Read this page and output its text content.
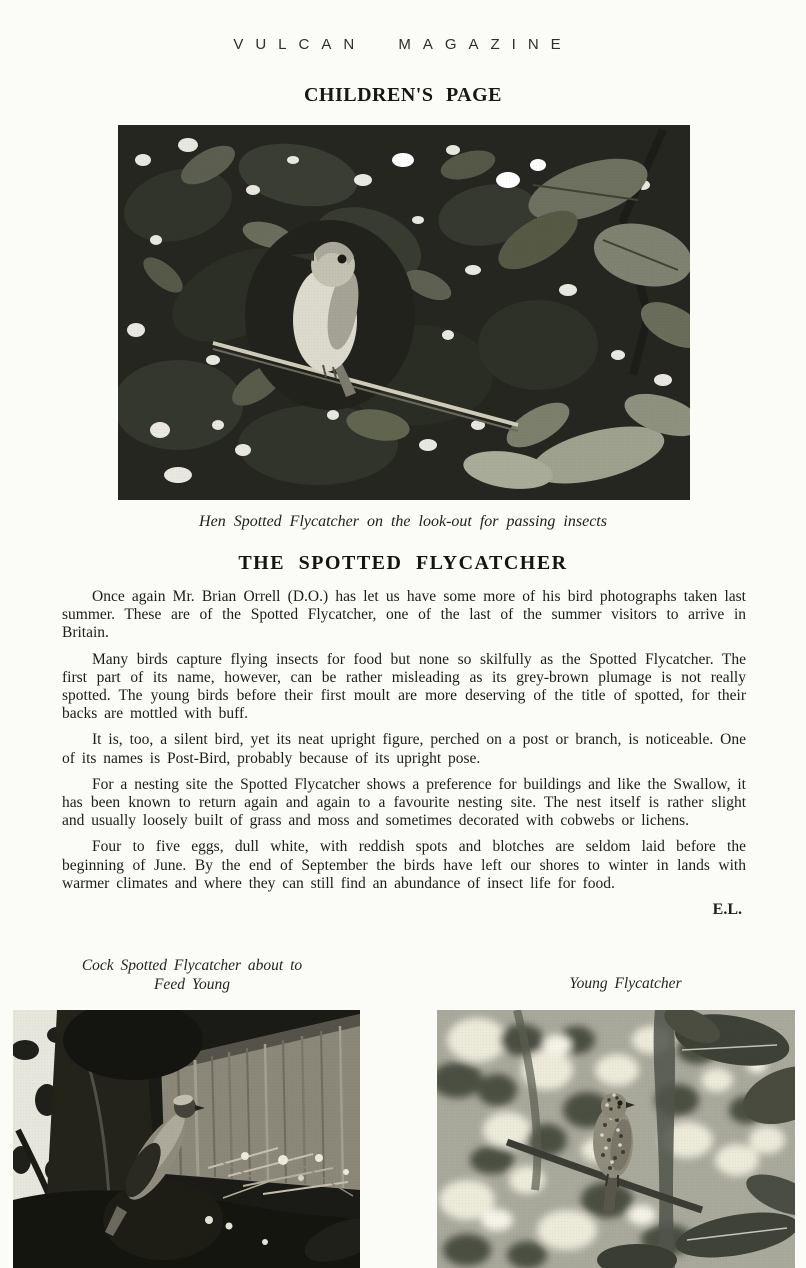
VULCAN MAGAZINE
CHILDREN'S PAGE
Hen Spotted Flycatcher on the look-out for passing insects
THE SPOTTED FLYCATCHER

Once again Mr. Brian Orrell (D.O.) has let us have some more of his bird photographs taken last summer. These are of the Spotted Flycatcher, one of the last of the summer visitors to arrive in Britain.

Many birds capture flying insects for food but none so skilfully as the Spotted Flycatcher. The first part of its name, however, can be rather misleading as its grey-brown plumage is not really spotted. The young birds before their first moult are more deserving of the title of spotted, for their backs are mottled with buff.

It is, too, a silent bird, yet its neat upright figure, perched on a post or branch, is noticeable. One of its names is Post-Bird, probably because of its upright pose.

For a nesting site the Spotted Flycatcher shows a preference for buildings and like the Swallow, it has been known to return again and again to a favourite nesting site. The nest itself is rather slight and usually loosely built of grass and moss and sometimes decorated with cobwebs or lichens.

Four to five eggs, dull white, with reddish spots and blotches are seldom laid before the beginning of June. By the end of September the birds have left our shores to winter in lands with warmer climates and where they can still find an abundance of insect life for food.

E.L.
Cock Spotted Flycatcher about to
Feed Young	Young Flycatcher
